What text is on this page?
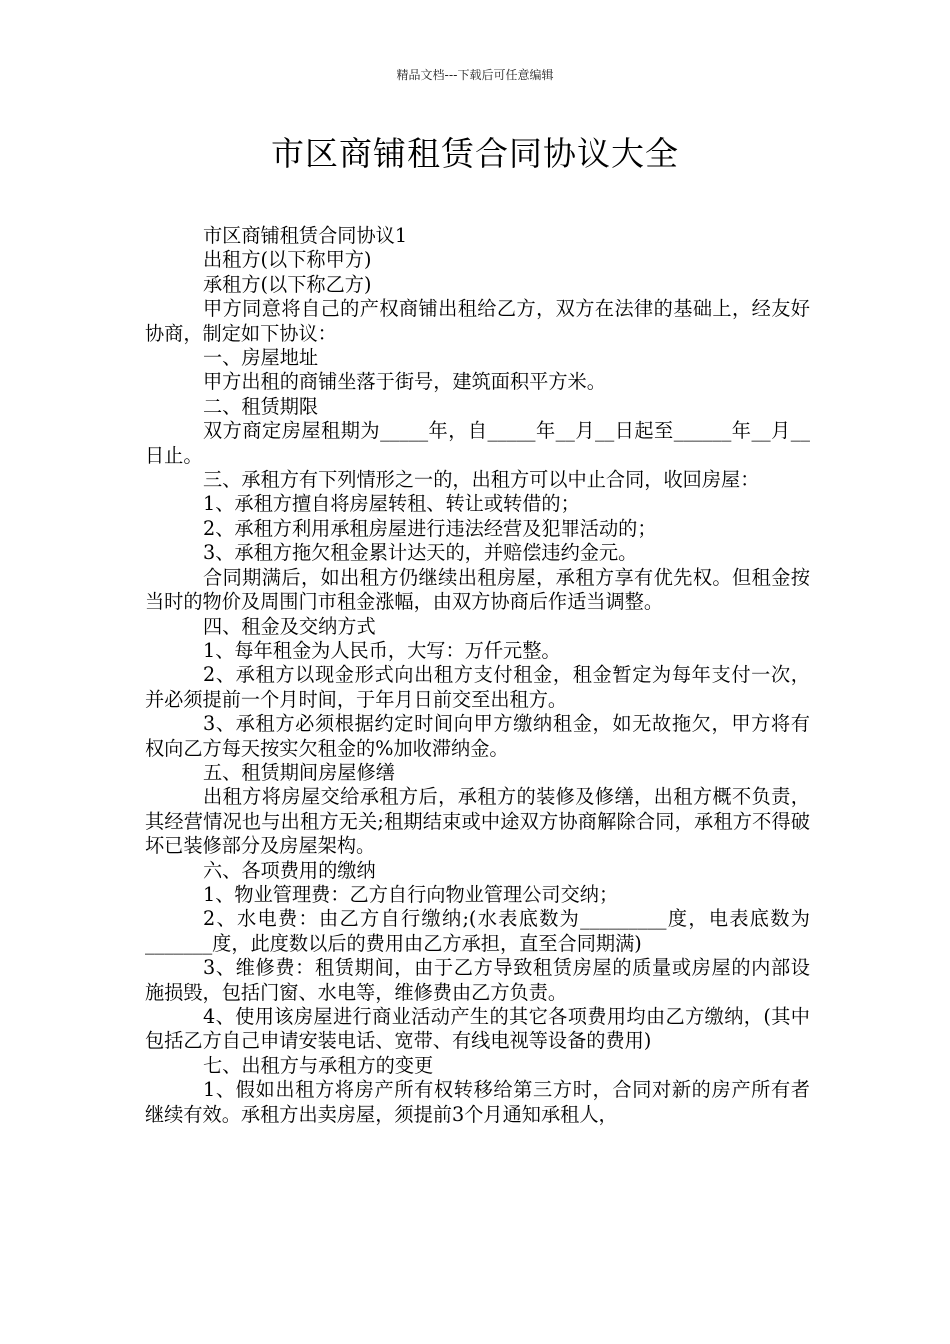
精品文档---下载后可任意编辑
市区商铺租赁合同协议大全

市区商铺租赁合同协议1

出租方(以下称甲方)

承租方(以下称乙方)

甲方同意将自己的产权商铺出租给乙方，双方在法律的基础上，经友好协商，制定如下协议：

一、房屋地址

甲方出租的商铺坐落于街号，建筑面积平方米。

二、租赁期限

双方商定房屋租期为_____年，自_____年__月__日起至______年__月__日止。

三、承租方有下列情形之一的，出租方可以中止合同，收回房屋：

1、承租方擅自将房屋转租、转让或转借的；

2、承租方利用承租房屋进行违法经营及犯罪活动的；

3、承租方拖欠租金累计达天的，并赔偿违约金元。

合同期满后，如出租方仍继续出租房屋，承租方享有优先权。但租金按当时的物价及周围门市租金涨幅，由双方协商后作适当调整。

四、租金及交纳方式

1、每年租金为人民币，大写：万仟元整。

2、承租方以现金形式向出租方支付租金，租金暂定为每年支付一次，并必须提前一个月时间，于年月日前交至出租方。

3、承租方必须根据约定时间向甲方缴纳租金，如无故拖欠，甲方将有权向乙方每天按实欠租金的%加收滞纳金。

五、租赁期间房屋修缮

出租方将房屋交给承租方后，承租方的装修及修缮，出租方概不负责，其经营情况也与出租方无关;租期结束或中途双方协商解除合同，承租方不得破坏已装修部分及房屋架构。

六、各项费用的缴纳

1、物业管理费：乙方自行向物业管理公司交纳；

2、水电费：由乙方自行缴纳;(水表底数为_________度，电表底数为_______度，此度数以后的费用由乙方承担，直至合同期满)

3、维修费：租赁期间，由于乙方导致租赁房屋的质量或房屋的内部设施损毁，包括门窗、水电等，维修费由乙方负责。

4、使用该房屋进行商业活动产生的其它各项费用均由乙方缴纳，(其中包括乙方自己申请安装电话、宽带、有线电视等设备的费用)

七、出租方与承租方的变更

1、假如出租方将房产所有权转移给第三方时，合同对新的房产所有者继续有效。承租方出卖房屋，须提前3个月通知承租人，
